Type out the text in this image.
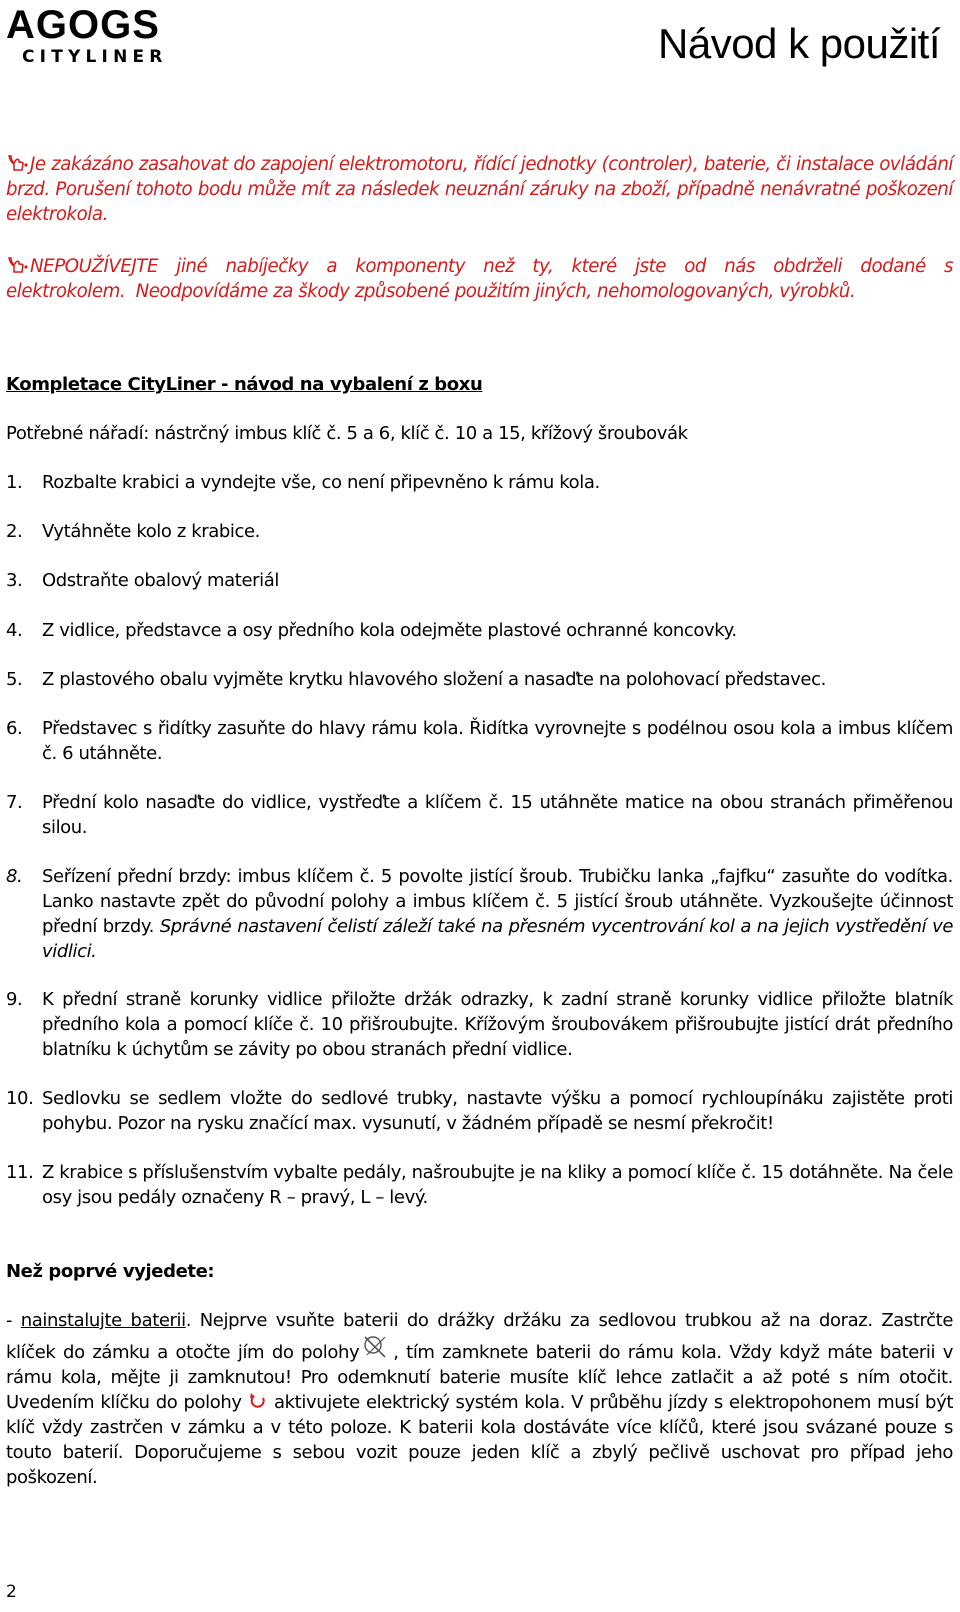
AGOGS
CITYLINER	Návod k použití
Je zakázáno zasahovat do zapojení elektromotoru, řídící jednotky (controler), baterie, či instalace ovládání brzd. Porušení tohoto bodu může mít za následek neuznání záruky na zboží, případně nenávratné poškození elektrokola.
NEPOUŽÍVEJTE jiné nabíječky a komponenty než ty, které jste od nás obdrželi dodané s elektrokolem. Neodpovídáme za škody způsobené použitím jiných, nehomologovaných, výrobků.
Kompletace CityLiner - návod na vybalení z boxu
Potřebné nářadí: nástrčný imbus klíč č. 5 a 6, klíč č. 10 a 15, křížový šroubovák
1. Rozbalte krabici a vyndejte vše, co není připevněno k rámu kola.
2. Vytáhněte kolo z krabice.
3. Odstraňte obalový materiál
4. Z vidlice, představce a osy předního kola odejměte plastové ochranné koncovky.
5. Z plastového obalu vyjměte krytku hlavového složení a nasaďte na polohovací představec.
6. Představec s řidítky zasuňte do hlavy rámu kola. Řidítka vyrovnejte s podélnou osou kola a imbus klíčem č. 6 utáhněte.
7. Přední kolo nasaďte do vidlice, vystřeďte a klíčem č. 15 utáhněte matice na obou stranách přiměřenou silou.
8. Seřízení přední brzdy: imbus klíčem č. 5 povolte jistící šroub. Trubičku lanka „fajfku“ zasuňte do vodítka. Lanko nastavte zpět do původní polohy a imbus klíčem č. 5 jistící šroub utáhněte. Vyzkoušejte účinnost přední brzdy. Správné nastavení čelistí záleží také na přesném vycentrování kol a na jejich vystředění ve vidlici.
9. K přední straně korunky vidlice přiložte držák odrazky, k zadní straně korunky vidlice přiložte blatník předního kola a pomocí klíče č. 10 přišroubujte. Křížovým šroubovákem přišroubujte jistící drát předního blatníku k úchytům se závity po obou stranách přední vidlice.
10. Sedlovku se sedlem vložte do sedlové trubky, nastavte výšku a pomocí rychloupínáku zajistěte proti pohybu. Pozor na rysku značící max. vysunutí, v žádném případě se nesmí překročit!
11. Z krabice s příslušenstvím vybalte pedály, našroubujte je na kliky a pomocí klíče č. 15 dotáhněte. Na čele osy jsou pedály označeny R – pravý, L – levý.
Než poprvé vyjedete:
- nainstalujte baterii. Nejprve vsuňte baterii do drážky držáku za sedlovou trubkou až na doraz. Zastrčte klíček do zámku a otočte jím do polohy , tím zamknete baterii do rámu kola. Vždy když máte baterii v rámu kola, mějte ji zamknutou! Pro odemknutí baterie musíte klíč lehce zatlačit a až poté s ním otočit. Uvedením klíčku do polohy aktivujete elektrický systém kola. V průběhu jízdy s elektropohonem musí být klíč vždy zastrčen v zámku a v této poloze. K baterii kola dostáváte více klíčů, které jsou svázané pouze s touto baterií. Doporučujeme s sebou vozit pouze jeden klíč a zbylý pečlivě uschovat pro případ jeho poškození.
2
